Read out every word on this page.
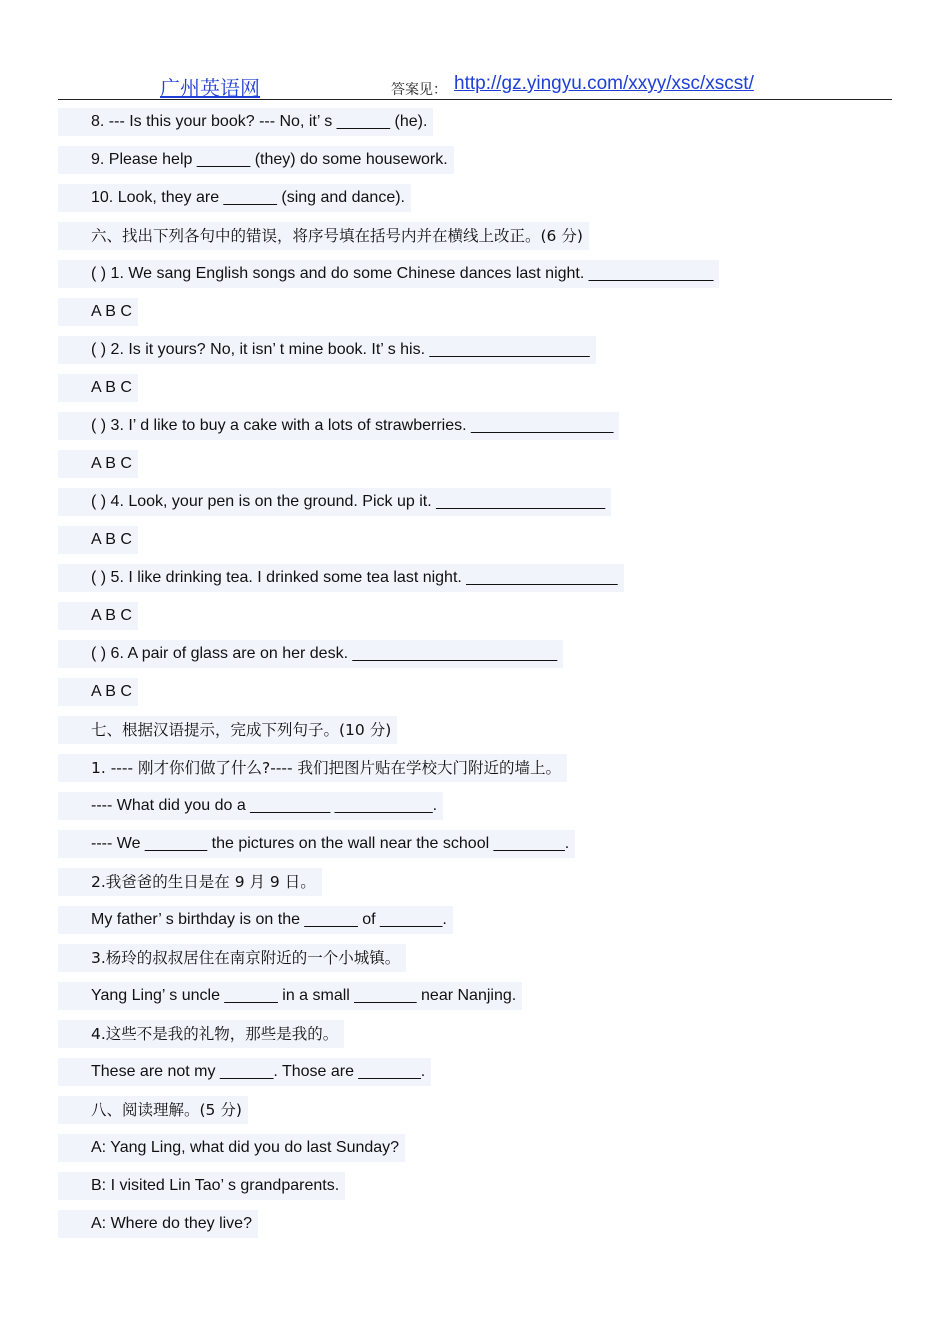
广州英语网	答案见： http://gz.yingyu.com/xxyy/xsc/xscst/
8. --- Is this your book? --- No, it’ s ______ (he).
9. Please help ______ (they) do some housework.
10. Look, they are ______ (sing and dance).
六、找出下列各句中的错误，将序号填在括号内并在横线上改正。(6 分)
( ) 1. We sang English songs and do some Chinese dances last night. ______________
A B C
( ) 2. Is it yours? No, it isn’ t mine book. It’ s his. __________________
A B C
( ) 3. I’ d like to buy a cake with a lots of strawberries. ________________
A B C
( ) 4. Look, your pen is on the ground. Pick up it. ___________________
A B C
( ) 5. I like drinking tea. I drinked some tea last night. _________________
A B C
( ) 6. A pair of glass are on her desk. _______________________
A B C
七、根据汉语提示，完成下列句子。(10 分)
1. ---- 刚才你们做了什么?---- 我们把图片贴在学校大门附近的墙上。
---- What did you do a _________ ___________.
---- We _______ the pictures on the wall near the school ________.
2.我爸爸的生日是在 9 月 9 日。
My father’ s birthday is on the ______ of _______.
3.杨玲的叔叔居住在南京附近的一个小城镇。
Yang Ling’ s uncle ______ in a small _______ near Nanjing.
4.这些不是我的礼物，那些是我的。
These are not my ______. Those are _______.
八、阅读理解。(5 分)
A: Yang Ling, what did you do last Sunday?
B: I visited Lin Tao’ s grandparents.
A: Where do they live?
